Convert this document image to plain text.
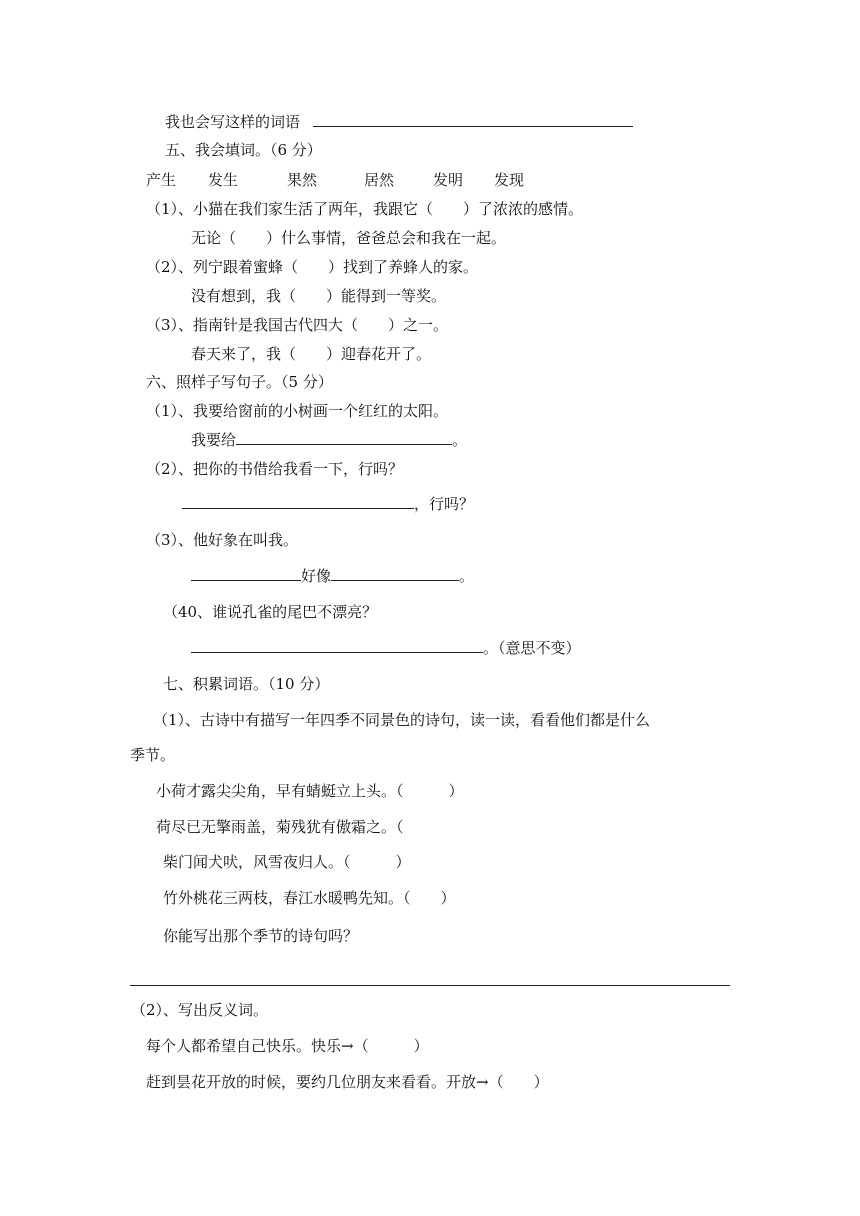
我也会写这样的词语
五、我会填词。（6 分）
产生 发生	果然	居然	发明 发现
（1）、小猫在我们家生活了两年，我跟它（　　）了浓浓的感情。
无论（　　）什么事情，爸爸总会和我在一起。
（2）、列宁跟着蜜蜂（　　）找到了养蜂人的家。
没有想到，我（　　）能得到一等奖。
（3）、指南针是我国古代四大（　　）之一。
春天来了，我（　　）迎春花开了。
六、照样子写句子。（5 分）
（1）、我要给窗前的小树画一个红红的太阳。
我要给	。
（2）、把你的书借给我看一下，行吗？
，行吗？
（3）、他好象在叫我。
好像	。
（40、谁说孔雀的尾巴不漂亮？
。（意思不变）
七、积累词语。（10 分）
（1）、古诗中有描写一年四季不同景色的诗句，读一读，看看他们都是什么
季节。
小荷才露尖尖角，早有蜻蜓立上头。（　　　）
荷尽已无擎雨盖，菊残犹有傲霜之。（
柴门闻犬吠，风雪夜归人。（　　　）
竹外桃花三两枝，春江水暖鸭先知。（　　）
你能写出那个季节的诗句吗？
（2）、写出反义词。
每个人都希望自己快乐。快乐→（　　　）
赶到昙花开放的时候，要约几位朋友来看看。开放→（　　）
